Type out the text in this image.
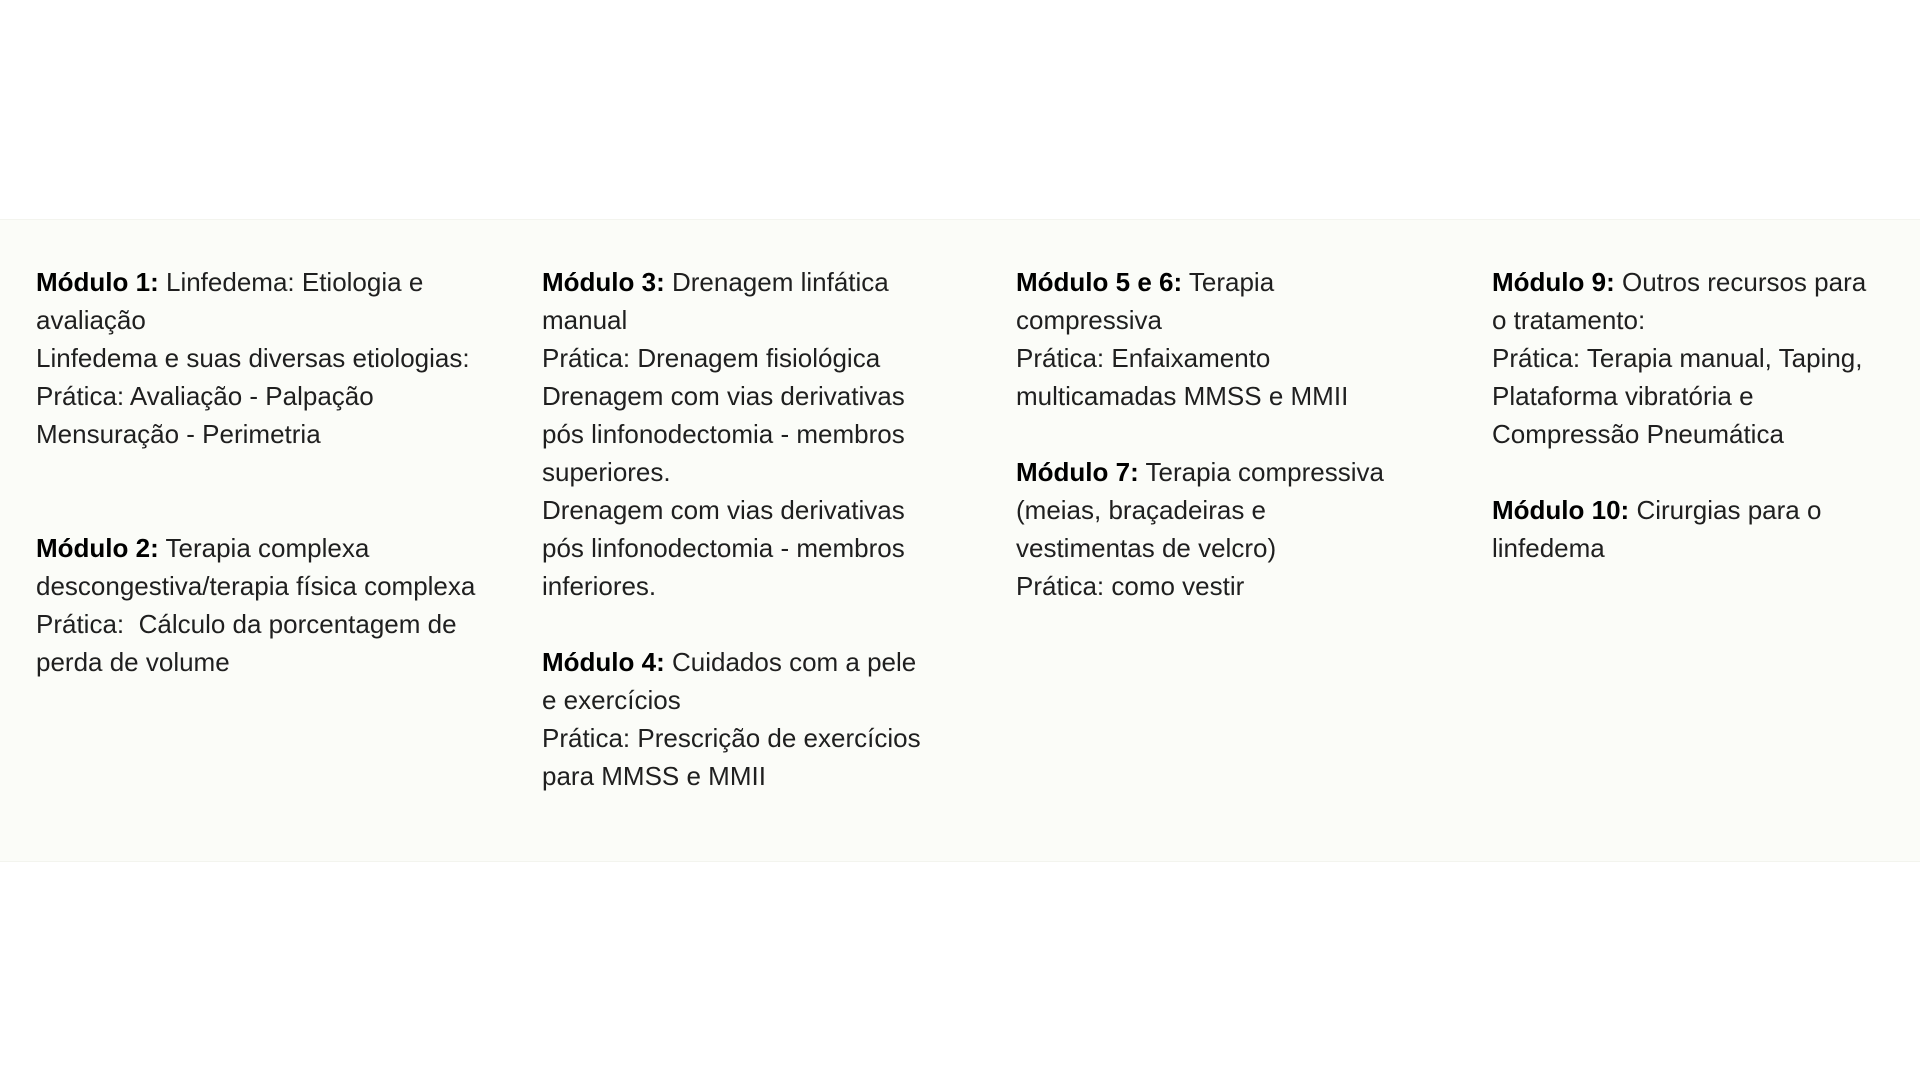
Módulo 1: Linfedema: Etiologia e

avaliação

Linfedema e suas diversas etiologias:

Prática: Avaliação - Palpação

Mensuração - Perimetria

Módulo 2: Terapia complexa

descongestiva/terapia física complexa

Prática:  Cálculo da porcentagem de

perda de volume

Módulo 3: Drenagem linfática

manual

Prática: Drenagem fisiológica

Drenagem com vias derivativas

pós linfonodectomia - membros

superiores.

Drenagem com vias derivativas

pós linfonodectomia - membros

inferiores.

Módulo 4: Cuidados com a pele

e exercícios

Prática: Prescrição de exercícios

para MMSS e MMII

Módulo 5 e 6: Terapia

compressiva

Prática: Enfaixamento

multicamadas MMSS e MMII

Módulo 7: Terapia compressiva

(meias, braçadeiras e

vestimentas de velcro)

Prática: como vestir

Módulo 9: Outros recursos para

o tratamento:

Prática: Terapia manual, Taping,

Plataforma vibratória e

Compressão Pneumática

Módulo 10: Cirurgias para o

linfedema
